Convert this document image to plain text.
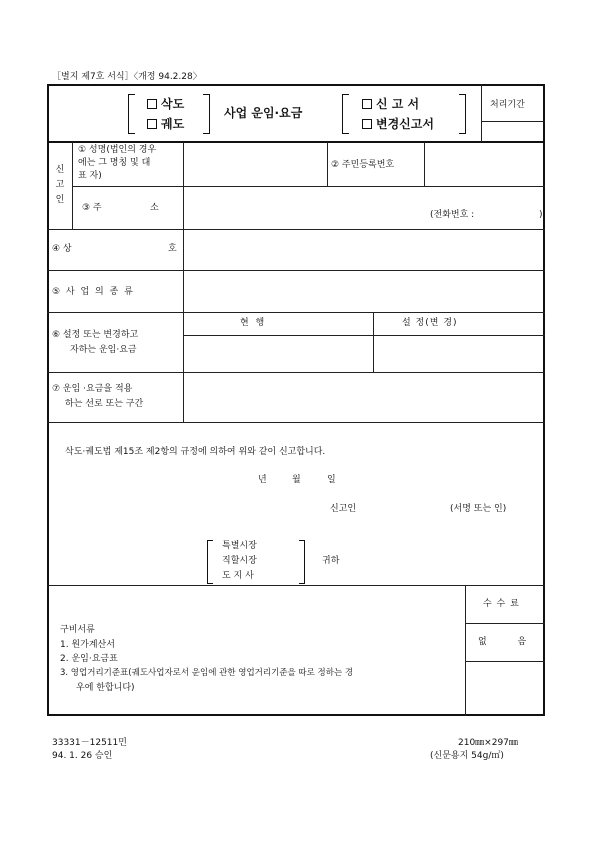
［별지 제7호 서식］〈개정 94.2.28〉
처리기간
삭도
궤도
사업 운임·요금
신 고 서
변경신고서
신
고
인
① 성명(법인의 경우
에는 그 명칭 및 대
표 자)
② 주민등록번호
③ 주	소
(전화번호 :	)
④ 상	호
⑤ 사 업 의 종 류
⑥ 설정 또는 변경하고
자하는 운임·요금
현 행	설 정(변 경)
⑦ 운임 ·요금을 적용
하는 선로 또는 구간
삭도·궤도법 제15조 제2항의 규정에 의하여 위와 같이 신고합니다.
년	월	일
신고인	(서명 또는 인)
특별시장
직할시장
도 지 사
귀하
수 수 료
없 음
구비서류
1. 원가계산서
2. 운임·요금표
3. 영업거리기준표(궤도사업자로서 운임에 관한 영업거리기준을 따로 정하는 경
우에 한합니다)
33331－12511민
94. 1. 26 승인
210㎜×297㎜
(신문용지 54g/㎡)
